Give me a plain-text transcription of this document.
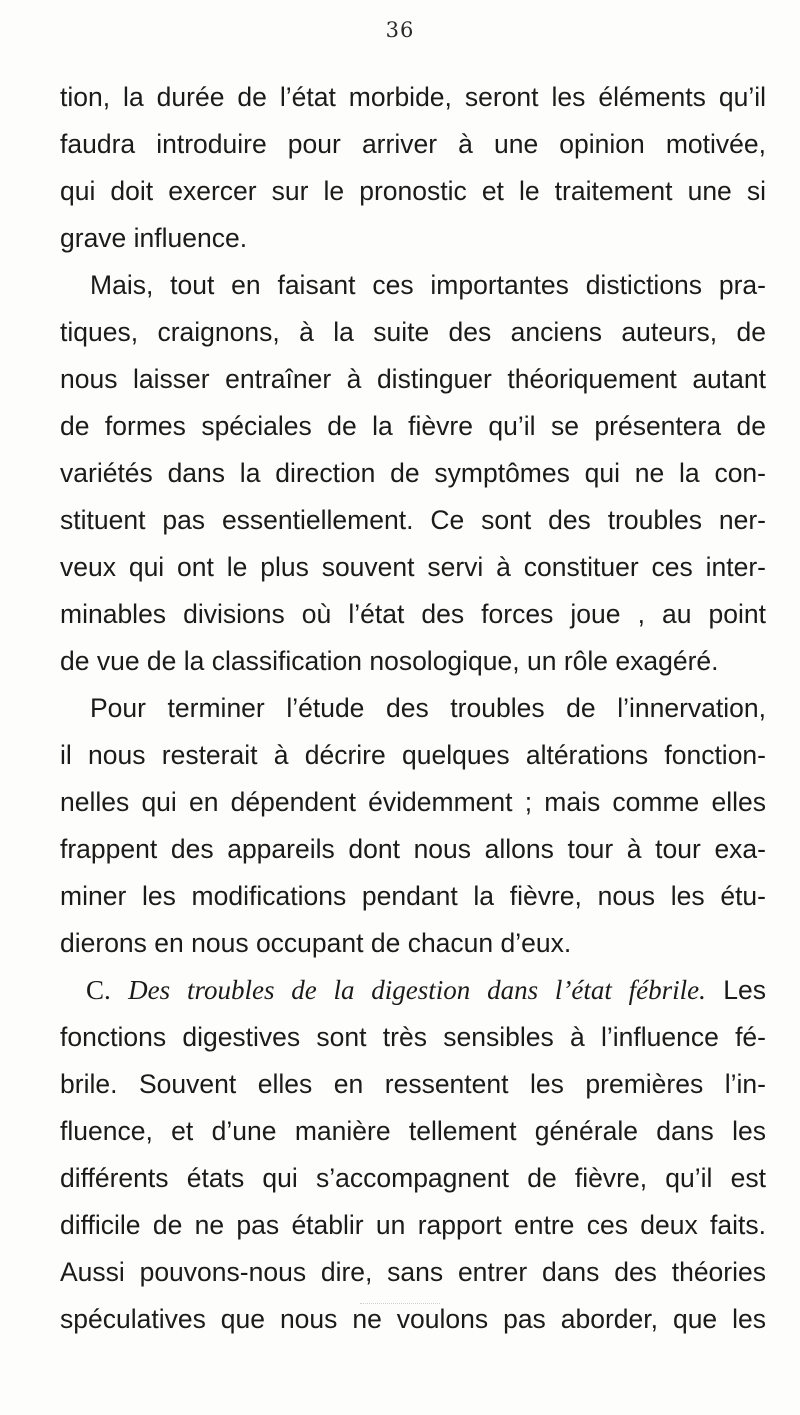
36
tion, la durée de l’état morbide, seront les éléments qu’il
faudra introduire pour arriver à une opinion motivée,
qui doit exercer sur le pronostic et le traitement une si
grave influence.
Mais, tout en faisant ces importantes distictions pra-
tiques, craignons, à la suite des anciens auteurs, de
nous laisser entraîner à distinguer théoriquement autant
de formes spéciales de la fièvre qu’il se présentera de
variétés dans la direction de symptômes qui ne la con-
stituent pas essentiellement. Ce sont des troubles ner-
veux qui ont le plus souvent servi à constituer ces inter-
minables divisions où l’état des forces joue , au point
de vue de la classification nosologique, un rôle exagéré.
Pour terminer l’étude des troubles de l’innervation,
il nous resterait à décrire quelques altérations fonction-
nelles qui en dépendent évidemment ; mais comme elles
frappent des appareils dont nous allons tour à tour exa-
miner les modifications pendant la fièvre, nous les étu-
dierons en nous occupant de chacun d’eux.
C. Des troubles de la digestion dans l’état fébrile. Les
fonctions digestives sont très sensibles à l’influence fé-
brile. Souvent elles en ressentent les premières l’in-
fluence, et d’une manière tellement générale dans les
différents états qui s’accompagnent de fièvre, qu’il est
difficile de ne pas établir un rapport entre ces deux faits.
Aussi pouvons-nous dire, sans entrer dans des théories
spéculatives que nous ne voulons pas aborder, que les
